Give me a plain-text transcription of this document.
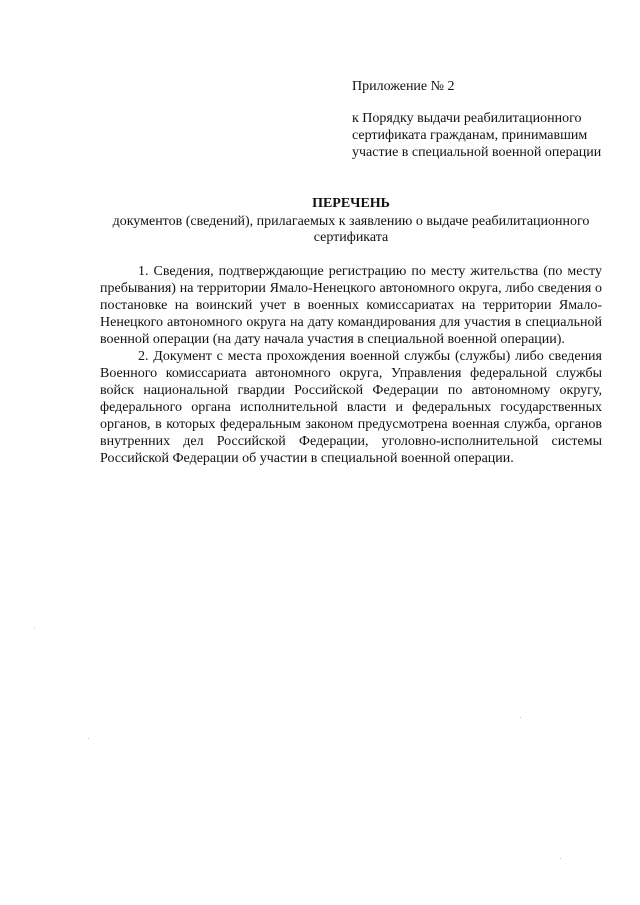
Приложение № 2

к Порядку выдачи реабилитационного сертификата гражданам, принимавшим участие в специальной военной операции

ПЕРЕЧЕНЬ

документов (сведений), прилагаемых к заявлению о выдаче реабилитационного сертификата

1. Сведения, подтверждающие регистрацию по месту жительства (по месту пребывания) на территории Ямало-Ненецкого автономного округа, либо сведения о постановке на воинский учет в военных комиссариатах на территории Ямало-Ненецкого автономного округа на дату командирования для участия в специальной военной операции (на дату начала участия в специальной военной операции).

2. Документ с места прохождения военной службы (службы) либо сведения Военного комиссариата автономного округа, Управления федеральной службы войск национальной гвардии Российской Федерации по автономному округу, федерального органа исполнительной власти и федеральных государственных органов, в которых федеральным законом предусмотрена военная служба, органов внутренних дел Российской Федерации, уголовно-исполнительной системы Российской Федерации об участии в специальной военной операции.
